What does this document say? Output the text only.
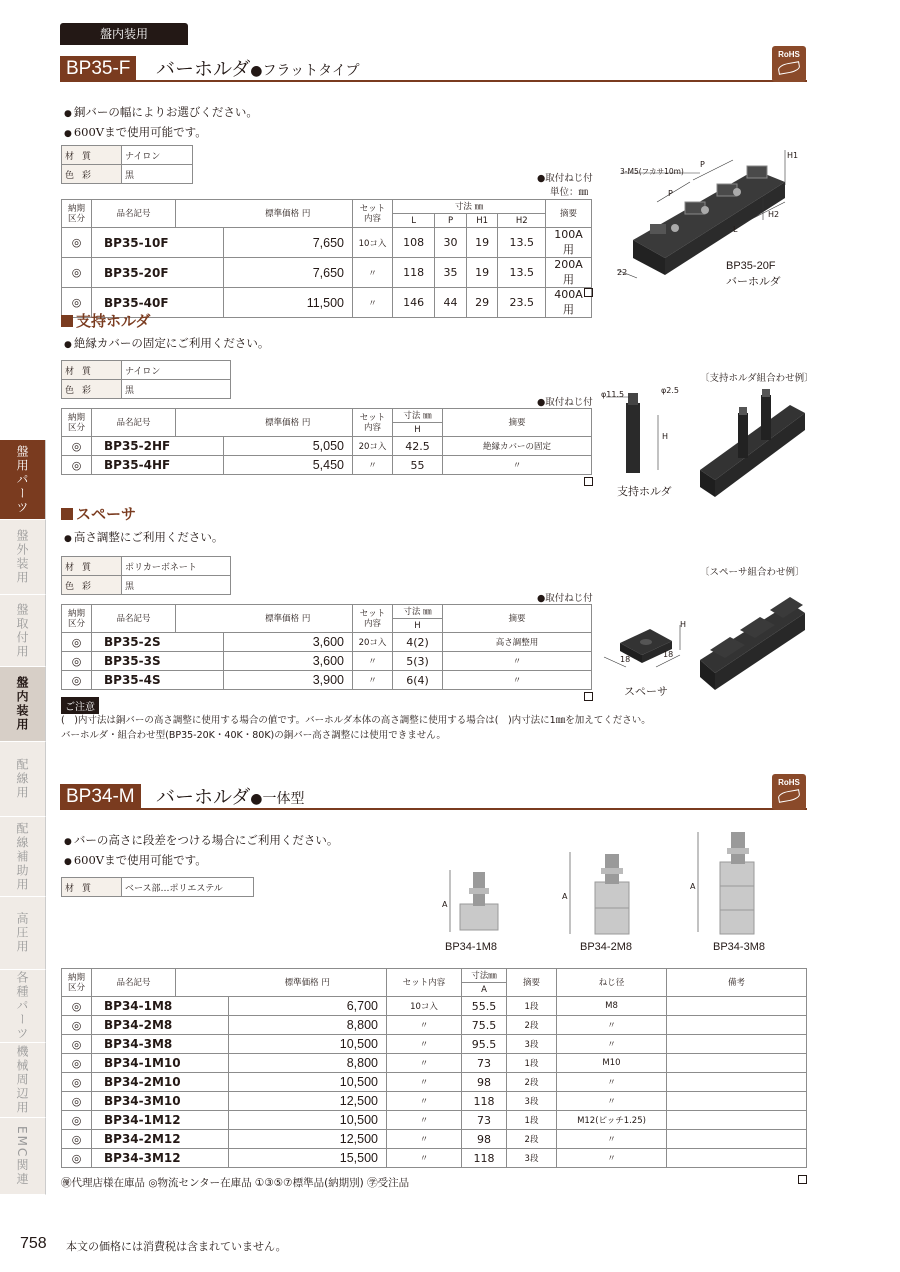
盤内装用
盤用パーツ
盤外装用
盤取付用
盤内装用
配線用
配線補助用
高圧用
各種パーツ
機械周辺用
EMC関連
BP35-F	バーホルダ●フラットタイプ
RoHS
● 銅バーの幅によりお選びください。
● 600Vまで使用可能です。
材質	ナイロン
色彩	黒	●取付ねじ付
単位：㎜
納期区分	品名記号		標準価格 円	セット内容	寸法 ㎜				摘要
					L	P	H1	H2	
◎	BP35-10F		7,650	10コ入	108	30	19	13.5	100A用
◎	BP35-20F		7,650	〃	118	35	19	13.5	200A用
◎	BP35-40F		11,500	〃	146	44	29	23.5	400A用
3-M5(フカサ10m)
P
P
H1
H2
L
22
BP35-20F
バーホルダ
支持ホルダ
● 絶縁カバーの固定にご利用ください。
材質	ナイロン
色彩	黒
●取付ねじ付
納期区分	品名記号		標準価格 円	セット内容	寸法 ㎜	摘要
					H	
◎	BP35-2HF		5,050	20コ入	42.5	絶縁カバーの固定
◎	BP35-4HF		5,450	〃	55	〃
φ11.5	φ2.5
H
支持ホルダ
〔支持ホルダ組合わせ例〕
スペーサ
● 高さ調整にご利用ください。
材質	ポリカーボネート
色彩	黒
●取付ねじ付
納期区分	品名記号		標準価格 円	セット内容	寸法 ㎜	摘要
					H	
◎	BP35-2S		3,600	20コ入	4(2)	高さ調整用
◎	BP35-3S		3,600	〃	5(3)	〃
◎	BP35-4S		3,900	〃	6(4)	〃
H
18
18
スペーサ
〔スペーサ組合わせ例〕
ご注意
(　)内寸法は銅バーの高さ調整に使用する場合の値です。バーホルダ本体の高さ調整に使用する場合は(　)内寸法に1㎜を加えてください。
バーホルダ・組合わせ型(BP35-20K・40K・80K)の銅バー高さ調整には使用できません。
BP34-M	バーホルダ●一体型
RoHS
● バーの高さに段差をつける場合にご利用ください。
● 600Vまで使用可能です。
材質	ベース部…ポリエステル
A
BP34-1M8
A
BP34-2M8
A
BP34-3M8
納期区分	品名記号		標準価格 円	セット内容	寸法㎜	摘要	ねじ径	備考
					A			
◎	BP34-1M8		6,700	10コ入	55.5	1段	M8	
◎	BP34-2M8		8,800	〃	75.5	2段	〃	
◎	BP34-3M8		10,500	〃	95.5	3段	〃	
◎	BP34-1M10		8,800	〃	73	1段	M10	
◎	BP34-2M10		10,500	〃	98	2段	〃	
◎	BP34-3M10		12,500	〃	118	3段	〃	
◎	BP34-1M12		10,500	〃	73	1段	M12(ピッチ1.25)	
◎	BP34-2M12		12,500	〃	98	2段	〃	
◎	BP34-3M12		15,500	〃	118	3段	〃	
㊝代理店様在庫品 ◎物流センター在庫品 ①③⑤⑦標準品(納期別) ㊫受注品
758 本文の価格には消費税は含まれていません。
